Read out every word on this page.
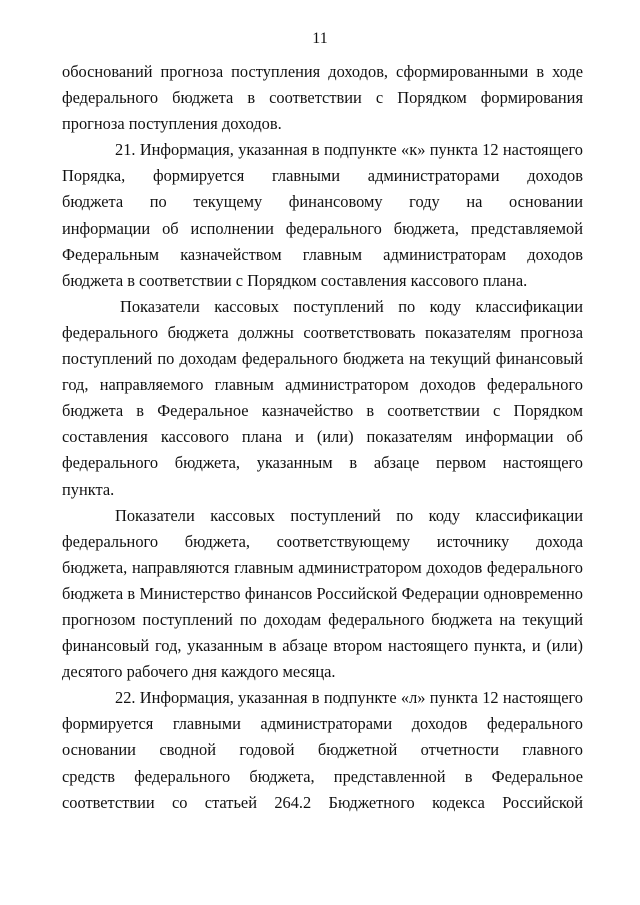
11
обоснований прогноза поступления доходов, сформированными в ходе
федерального бюджета в соответствии с Порядком формирования
прогноза поступления доходов.
21. Информация, указанная в подпункте «к» пункта 12 настоящего
Порядка, формируется главными администраторами доходов
бюджета по текущему финансовому году на основании
информации об исполнении федерального бюджета, представляемой
Федеральным казначейством главным администраторам доходов
бюджета в соответствии с Порядком составления кассового плана.
Показатели кассовых поступлений по коду классификации
федерального бюджета должны соответствовать показателям прогноза
поступлений по доходам федерального бюджета на текущий финансовый
год, направляемого главным администратором доходов федерального
бюджета в Федеральное казначейство в соответствии с Порядком
составления кассового плана и (или) показателям информации об
федерального бюджета, указанным в абзаце первом настоящего
пункта.
Показатели кассовых поступлений по коду классификации
федерального бюджета, соответствующему источнику дохода
бюджета, направляются главным администратором доходов федерального
бюджета в Министерство финансов Российской Федерации одновременно
прогнозом поступлений по доходам федерального бюджета на текущий
финансовый год, указанным в абзаце втором настоящего пункта, и (или)
десятого рабочего дня каждого месяца.
22. Информация, указанная в подпункте «л» пункта 12 настоящего
формируется главными администраторами доходов федерального
основании сводной годовой бюджетной отчетности главного
средств федерального бюджета, представленной в Федеральное
соответствии со статьей 264.2 Бюджетного кодекса Российской
